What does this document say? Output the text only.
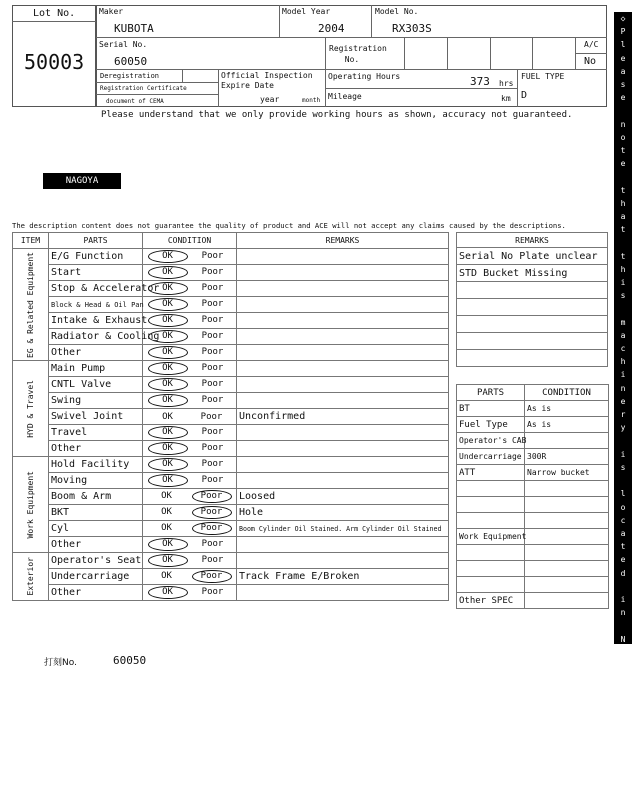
Lot No.
50003
Maker
KUBOTA
Model Year
2004
Model No.
RX303S
Serial No.
60050
Registration No.
A/C
No
Deregistration
Registration Certificate
document of CEMA
Official Inspection Expire Date
year	month
Operating Hours	373 hrs
Mileage	km
FUEL TYPE
D
Please understand that we only provide working hours as shown, accuracy not guaranteed.
NAGOYA
The description content does not guarantee the quality of product and ACE will not accept any claims caused by the descriptions.
ITEM	PARTS	CONDITION	REMARKS

EG & Related Equipment	E/G Function	OK Poor	
	Start	OK Poor	
	Stop & Accelerator	OK Poor	
	Block & Head & Oil Pan	OK Poor	
	Intake & Exhaust	OK Poor	
	Radiator & Cooling	OK Poor	
	Other	OK Poor	

HYD & Travel	Main Pump	OK Poor	
	CNTL Valve	OK Poor	
	Swing	OK Poor	
	Swivel Joint	OK Poor	Unconfirmed
	Travel	OK Poor	
	Other	OK Poor	

Work Equipment	Hold Facility	OK Poor	
	Moving	OK Poor	
	Boom & Arm	OK Poor	Loosed
	BKT	OK Poor	Hole
	Cyl	OK Poor	Boom Cylinder Oil Stained. Arm Cylinder Oil Stained
	Other	OK Poor	

Exterior	Operator's Seat	OK Poor	
	Undercarriage	OK Poor	Track Frame E/Broken
	Other	OK Poor	
REMARKS
Serial No Plate unclear
STD Bucket Missing

PARTS	CONDITION
BT	As is
Fuel Type	As is
Operator's CAB	
Undercarriage	300R
ATT	Narrow bucket

Work Equipment	

Other SPEC	
打刻No.	60050
◇
P
l
e
a
s
e

n
o
t
e

t
h
a
t

t
h
i
s

m
a
c
h
i
n
e
r
y

i
s

l
o
c
a
t
e
d

i
n

N
a
g
o
y
a

Y
a
r
d
◇
